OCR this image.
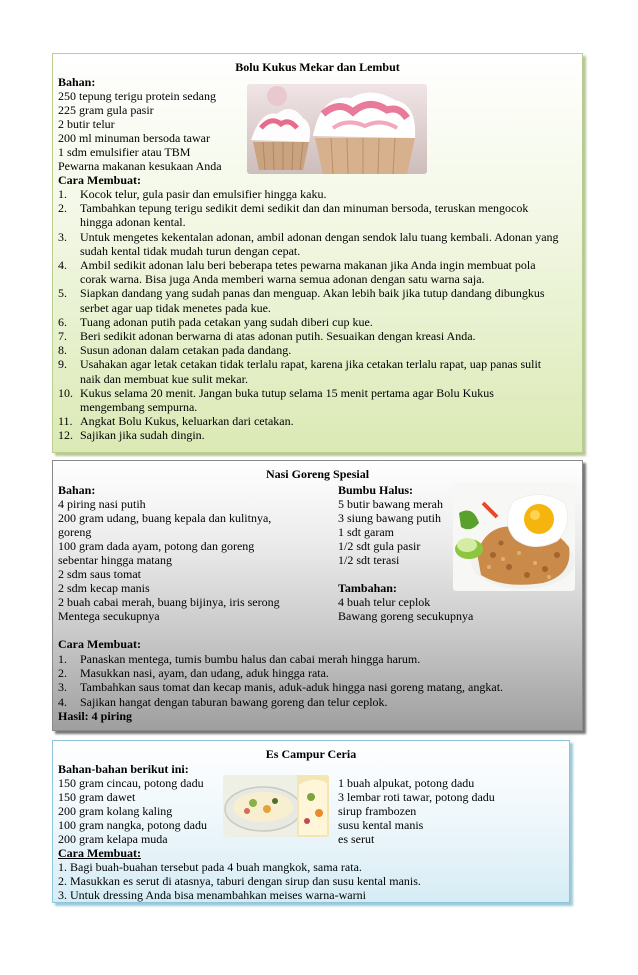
Bolu Kukus Mekar dan Lembut
Bahan:
250 tepung terigu protein sedang
225 gram gula pasir
2 butir telur
200 ml minuman bersoda tawar
1 sdm emulsifier atau TBM
Pewarna makanan kesukaan Anda
Cara Membuat:
1. Kocok telur, gula pasir dan emulsifier hingga kaku.
2. Tambahkan tepung terigu sedikit demi sedikit dan dan minuman bersoda, teruskan mengocok
hingga adonan kental.
3. Untuk mengetes kekentalan adonan, ambil adonan dengan sendok lalu tuang kembali. Adonan yang
sudah kental tidak mudah turun dengan cepat.
4. Ambil sedikit adonan lalu beri beberapa tetes pewarna makanan jika Anda ingin membuat pola
corak warna. Bisa juga Anda memberi warna semua adonan dengan satu warna saja.
5. Siapkan dandang yang sudah panas dan menguap. Akan lebih baik jika tutup dandang dibungkus
serbet agar uap tidak menetes pada kue.
6. Tuang adonan putih pada cetakan yang sudah diberi cup kue.
7. Beri sedikit adonan berwarna di atas adonan putih. Sesuaikan dengan kreasi Anda.
8. Susun adonan dalam cetakan pada dandang.
9. Usahakan agar letak cetakan tidak terlalu rapat, karena jika cetakan terlalu rapat, uap panas sulit
naik dan membuat kue sulit mekar.
10. Kukus selama 20 menit. Jangan buka tutup selama 15 menit pertama agar Bolu Kukus
mengembang sempurna.
11. Angkat Bolu Kukus, keluarkan dari cetakan.
12. Sajikan jika sudah dingin.
Nasi Goreng Spesial
Bahan:
4 piring nasi putih
200 gram udang, buang kepala dan kulitnya,
goreng
100 gram dada ayam, potong dan goreng
sebentar hingga matang
2 sdm saus tomat
2 sdm kecap manis
2 buah cabai merah, buang bijinya, iris serong
Mentega secukupnya
Bumbu Halus:
5 butir bawang merah
3 siung bawang putih
1 sdt garam
1/2 sdt gula pasir
1/2 sdt terasi
Tambahan:
4 buah telur ceplok
Bawang goreng secukupnya
Cara Membuat:
1. Panaskan mentega, tumis bumbu halus dan cabai merah hingga harum.
2. Masukkan nasi, ayam, dan udang, aduk hingga rata.
3. Tambahkan saus tomat dan kecap manis, aduk-aduk hingga nasi goreng matang, angkat.
4. Sajikan hangat dengan taburan bawang goreng dan telur ceplok.
Hasil: 4 piring
Es Campur Ceria
Bahan-bahan berikut ini:
150 gram cincau, potong dadu
150 gram dawet
200 gram kolang kaling
100 gram nangka, potong dadu
200 gram kelapa muda
1 buah alpukat, potong dadu
3 lembar roti tawar, potong dadu
sirup frambozen
susu kental manis
es serut
Cara Membuat:
1. Bagi buah-buahan tersebut pada 4 buah mangkok, sama rata.
2. Masukkan es serut di atasnya, taburi dengan sirup dan susu kental manis.
3. Untuk dressing Anda bisa menambahkan meises warna-warni
